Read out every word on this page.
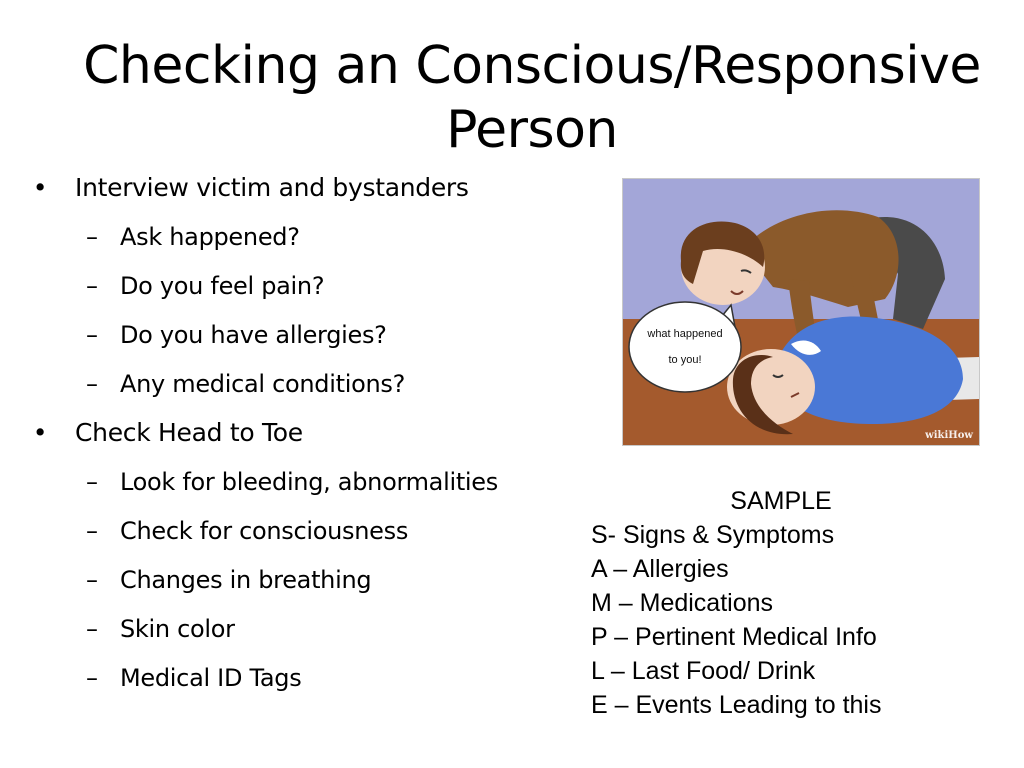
Checking an Conscious/Responsive
Person
• Interview victim and bystanders
– Ask happened?
– Do you feel pain?
– Do you have allergies?
– Any medical conditions?
• Check Head to Toe
– Look for bleeding, abnormalities
– Check for consciousness
– Changes in breathing
– Skin color
– Medical ID Tags
what happened
to you!
wikiHow
SAMPLE
S- Signs & Symptoms
A – Allergies
M – Medications
P – Pertinent Medical Info
L – Last Food/ Drink
E – Events Leading to this
